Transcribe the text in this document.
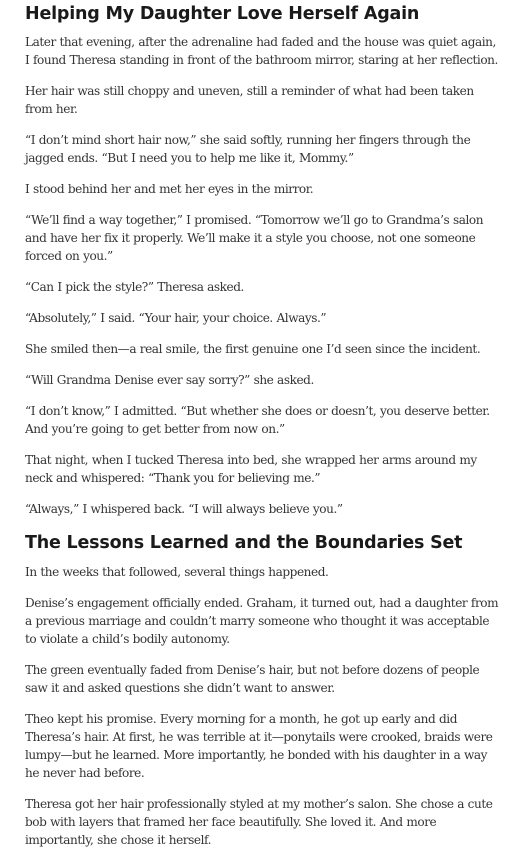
Helping My Daughter Love Herself Again

Later that evening, after the adrenaline had faded and the house was quiet again, I found Theresa standing in front of the bathroom mirror, staring at her reflection.

Her hair was still choppy and uneven, still a reminder of what had been taken from her.

“I don’t mind short hair now,” she said softly, running her fingers through the jagged ends. “But I need you to help me like it, Mommy.”

I stood behind her and met her eyes in the mirror.

“We’ll find a way together,” I promised. “Tomorrow we’ll go to Grandma’s salon and have her fix it properly. We’ll make it a style you choose, not one someone forced on you.”

“Can I pick the style?” Theresa asked.

“Absolutely,” I said. “Your hair, your choice. Always.”

She smiled then—a real smile, the first genuine one I’d seen since the incident.

“Will Grandma Denise ever say sorry?” she asked.

“I don’t know,” I admitted. “But whether she does or doesn’t, you deserve better. And you’re going to get better from now on.”

That night, when I tucked Theresa into bed, she wrapped her arms around my neck and whispered: “Thank you for believing me.”

“Always,” I whispered back. “I will always believe you.”

The Lessons Learned and the Boundaries Set

In the weeks that followed, several things happened.

Denise’s engagement officially ended. Graham, it turned out, had a daughter from a previous marriage and couldn’t marry someone who thought it was acceptable to violate a child’s bodily autonomy.

The green eventually faded from Denise’s hair, but not before dozens of people saw it and asked questions she didn’t want to answer.

Theo kept his promise. Every morning for a month, he got up early and did Theresa’s hair. At first, he was terrible at it—ponytails were crooked, braids were lumpy—but he learned. More importantly, he bonded with his daughter in a way he never had before.

Theresa got her hair professionally styled at my mother’s salon. She chose a cute bob with layers that framed her face beautifully. She loved it. And more importantly, she chose it herself.
